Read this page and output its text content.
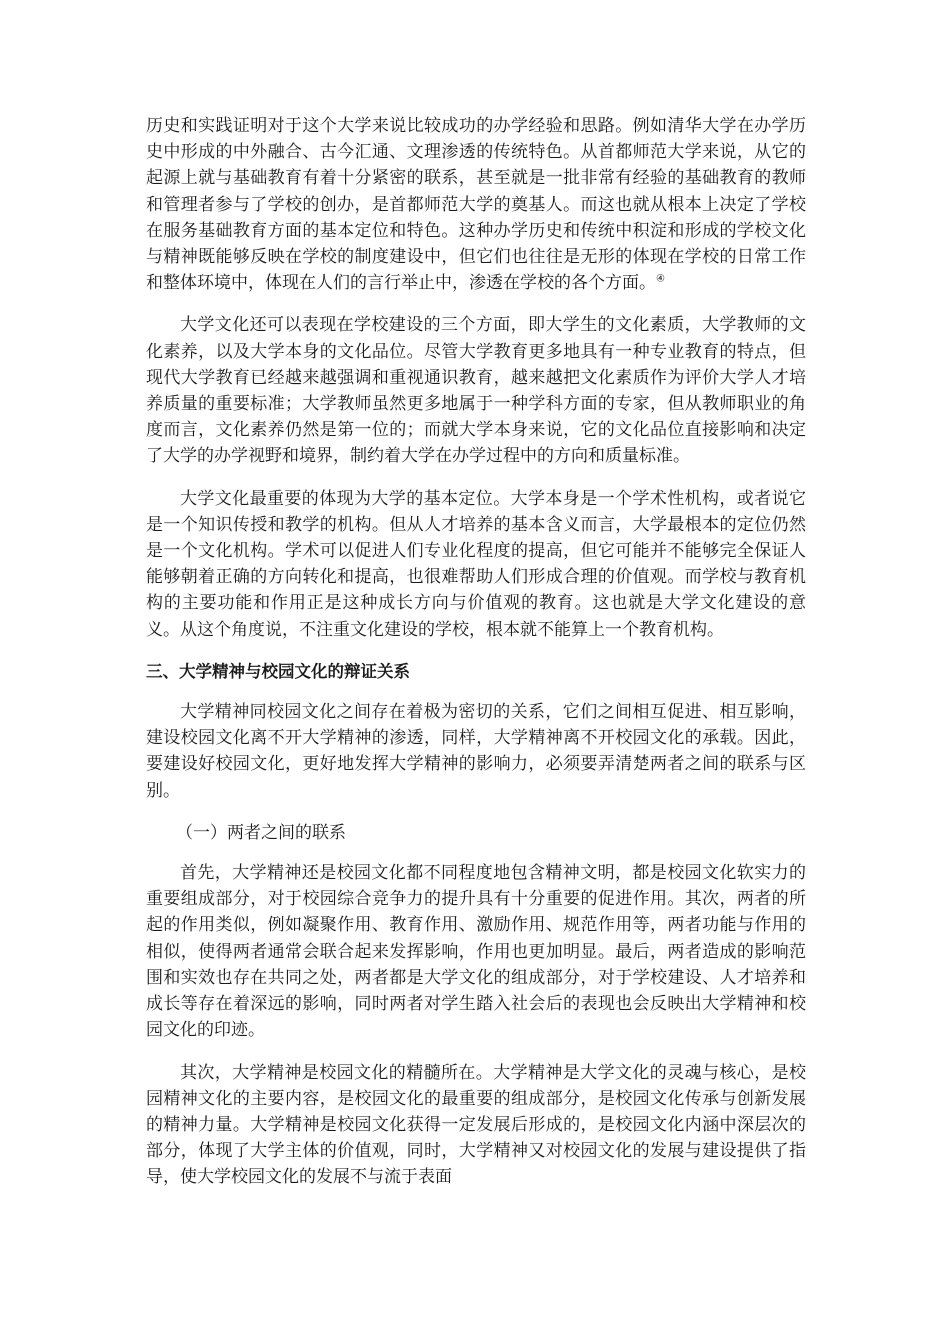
历史和实践证明对于这个大学来说比较成功的办学经验和思路。例如清华大学在办学历史中形成的中外融合、古今汇通、文理渗透的传统特色。从首都师范大学来说，从它的起源上就与基础教育有着十分紧密的联系，甚至就是一批非常有经验的基础教育的教师和管理者参与了学校的创办，是首都师范大学的奠基人。而这也就从根本上决定了学校在服务基础教育方面的基本定位和特色。这种办学历史和传统中积淀和形成的学校文化与精神既能够反映在学校的制度建设中，但它们也往往是无形的体现在学校的日常工作和整体环境中，体现在人们的言行举止中，渗透在学校的各个方面。④

大学文化还可以表现在学校建设的三个方面，即大学生的文化素质，大学教师的文化素养，以及大学本身的文化品位。尽管大学教育更多地具有一种专业教育的特点，但现代大学教育已经越来越强调和重视通识教育，越来越把文化素质作为评价大学人才培养质量的重要标准；大学教师虽然更多地属于一种学科方面的专家，但从教师职业的角度而言，文化素养仍然是第一位的；而就大学本身来说，它的文化品位直接影响和决定了大学的办学视野和境界，制约着大学在办学过程中的方向和质量标准。

大学文化最重要的体现为大学的基本定位。大学本身是一个学术性机构，或者说它是一个知识传授和教学的机构。但从人才培养的基本含义而言，大学最根本的定位仍然是一个文化机构。学术可以促进人们专业化程度的提高，但它可能并不能够完全保证人能够朝着正确的方向转化和提高，也很难帮助人们形成合理的价值观。而学校与教育机构的主要功能和作用正是这种成长方向与价值观的教育。这也就是大学文化建设的意义。从这个角度说，不注重文化建设的学校，根本就不能算上一个教育机构。

三、大学精神与校园文化的辩证关系

大学精神同校园文化之间存在着极为密切的关系，它们之间相互促进、相互影响，建设校园文化离不开大学精神的渗透，同样，大学精神离不开校园文化的承载。因此，要建设好校园文化，更好地发挥大学精神的影响力，必须要弄清楚两者之间的联系与区别。

（一）两者之间的联系

首先，大学精神还是校园文化都不同程度地包含精神文明，都是校园文化软实力的重要组成部分，对于校园综合竞争力的提升具有十分重要的促进作用。其次，两者的所起的作用类似，例如凝聚作用、教育作用、激励作用、规范作用等，两者功能与作用的相似，使得两者通常会联合起来发挥影响，作用也更加明显。最后，两者造成的影响范围和实效也存在共同之处，两者都是大学文化的组成部分，对于学校建设、人才培养和成长等存在着深远的影响，同时两者对学生踏入社会后的表现也会反映出大学精神和校园文化的印迹。

其次，大学精神是校园文化的精髓所在。大学精神是大学文化的灵魂与核心，是校园精神文化的主要内容，是校园文化的最重要的组成部分，是校园文化传承与创新发展的精神力量。大学精神是校园文化获得一定发展后形成的，是校园文化内涵中深层次的部分，体现了大学主体的价值观，同时，大学精神又对校园文化的发展与建设提供了指导，使大学校园文化的发展不与流于表面
